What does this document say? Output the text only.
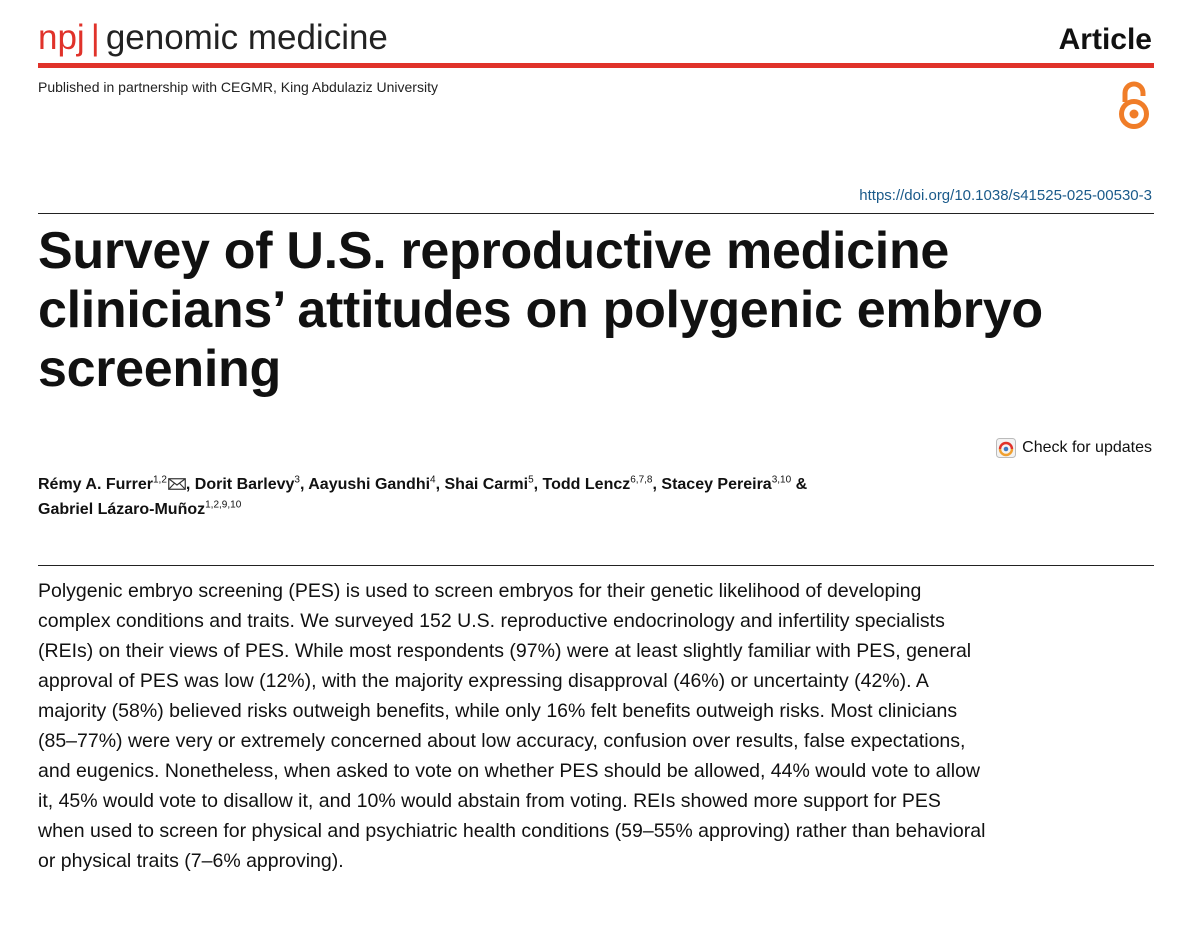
npj | genomic medicine	Article
Published in partnership with CEGMR, King Abdulaziz University
https://doi.org/10.1038/s41525-025-00530-3
Survey of U.S. reproductive medicine clinicians’ attitudes on polygenic embryo screening
Check for updates
Rémy A. Furrer$^{1,2}$ , Dorit Barlevy$^3$, Aayushi Gandhi$^4$, Shai Carmi$^5$, Todd Lencz$^{6,7,8}$, Stacey Pereira$^{3,10}$ &
Gabriel Lázaro-Muñoz$^{1,2,9,10}$

Polygenic embryo screening (PES) is used to screen embryos for their genetic likelihood of developing complex conditions and traits. We surveyed 152 U.S. reproductive endocrinology and infertility specialists (REIs) on their views of PES. While most respondents (97%) were at least slightly familiar with PES, general approval of PES was low (12%), with the majority expressing disapproval (46%) or uncertainty (42%). A majority (58%) believed risks outweigh benefits, while only 16% felt benefits outweigh risks. Most clinicians (85–77%) were very or extremely concerned about low accuracy, confusion over results, false expectations, and eugenics. Nonetheless, when asked to vote on whether PES should be allowed, 44% would vote to allow it, 45% would vote to disallow it, and 10% would abstain from voting. REIs showed more support for PES when used to screen for physical and psychiatric health conditions (59–55% approving) rather than behavioral or physical traits (7–6% approving).
